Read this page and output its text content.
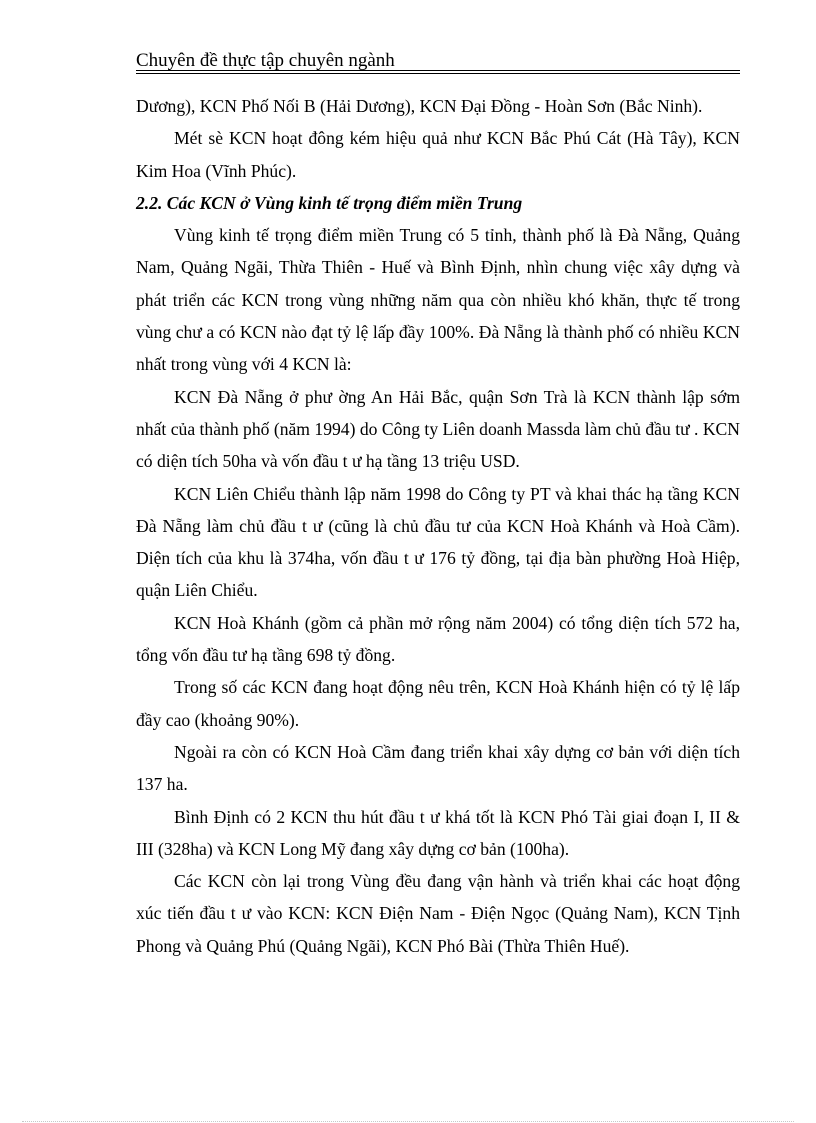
Chuyên đề thực tập chuyên ngành

Dương), KCN Phố Nối B (Hải Dương), KCN Đại Đồng - Hoàn Sơn (Bắc Ninh).

Mét sè KCN hoạt đông kém hiệu quả như KCN Bắc Phú Cát (Hà Tây), KCN Kim Hoa (Vĩnh Phúc).

2.2. Các KCN ở Vùng kinh tế trọng điểm miền Trung

Vùng kinh tế trọng điểm miền Trung có 5 tỉnh, thành phố là Đà Nẵng, Quảng Nam, Quảng Ngãi, Thừa Thiên - Huế và Bình Định, nhìn chung việc xây dựng và phát triển các KCN trong vùng những năm qua còn nhiều khó khăn, thực tế trong vùng chư a có KCN nào đạt tỷ lệ lấp đầy 100%. Đà Nẵng là thành phố có nhiều KCN nhất trong vùng với 4 KCN là:

KCN Đà Nẵng ở phư ờng An Hải Bắc, quận Sơn Trà là KCN thành lập sớm nhất của thành phố (năm 1994) do Công ty Liên doanh Massda làm chủ đầu tư . KCN có diện tích 50ha và vốn đầu t ư hạ tầng 13 triệu USD.

KCN Liên Chiểu thành lập năm 1998 do Công ty PT và khai thác hạ tầng KCN Đà Nẵng làm chủ đầu t ư (cũng là chủ đầu tư của KCN Hoà Khánh và Hoà Cầm). Diện tích của khu là 374ha, vốn đầu t ư 176 tỷ đồng, tại địa bàn phường Hoà Hiệp, quận Liên Chiểu.

KCN Hoà Khánh (gồm cả phần mở rộng năm 2004) có tổng diện tích 572 ha, tổng vốn đầu tư hạ tầng 698 tỷ đồng.

Trong số các KCN đang hoạt động nêu trên, KCN Hoà Khánh hiện có tỷ lệ lấp đầy cao (khoảng 90%).

Ngoài ra còn có KCN Hoà Cầm đang triển khai xây dựng cơ bản với diện tích 137 ha.

Bình Định có 2 KCN thu hút đầu t ư khá tốt là KCN Phó Tài giai đoạn I, II & III (328ha) và KCN Long Mỹ đang xây dựng cơ bản (100ha).

Các KCN còn lại trong Vùng đều đang vận hành và triển khai các hoạt động xúc tiến đầu t ư vào KCN: KCN Điện Nam - Điện Ngọc (Quảng Nam), KCN Tịnh Phong và Quảng Phú (Quảng Ngãi), KCN Phó Bài (Thừa Thiên Huế).
